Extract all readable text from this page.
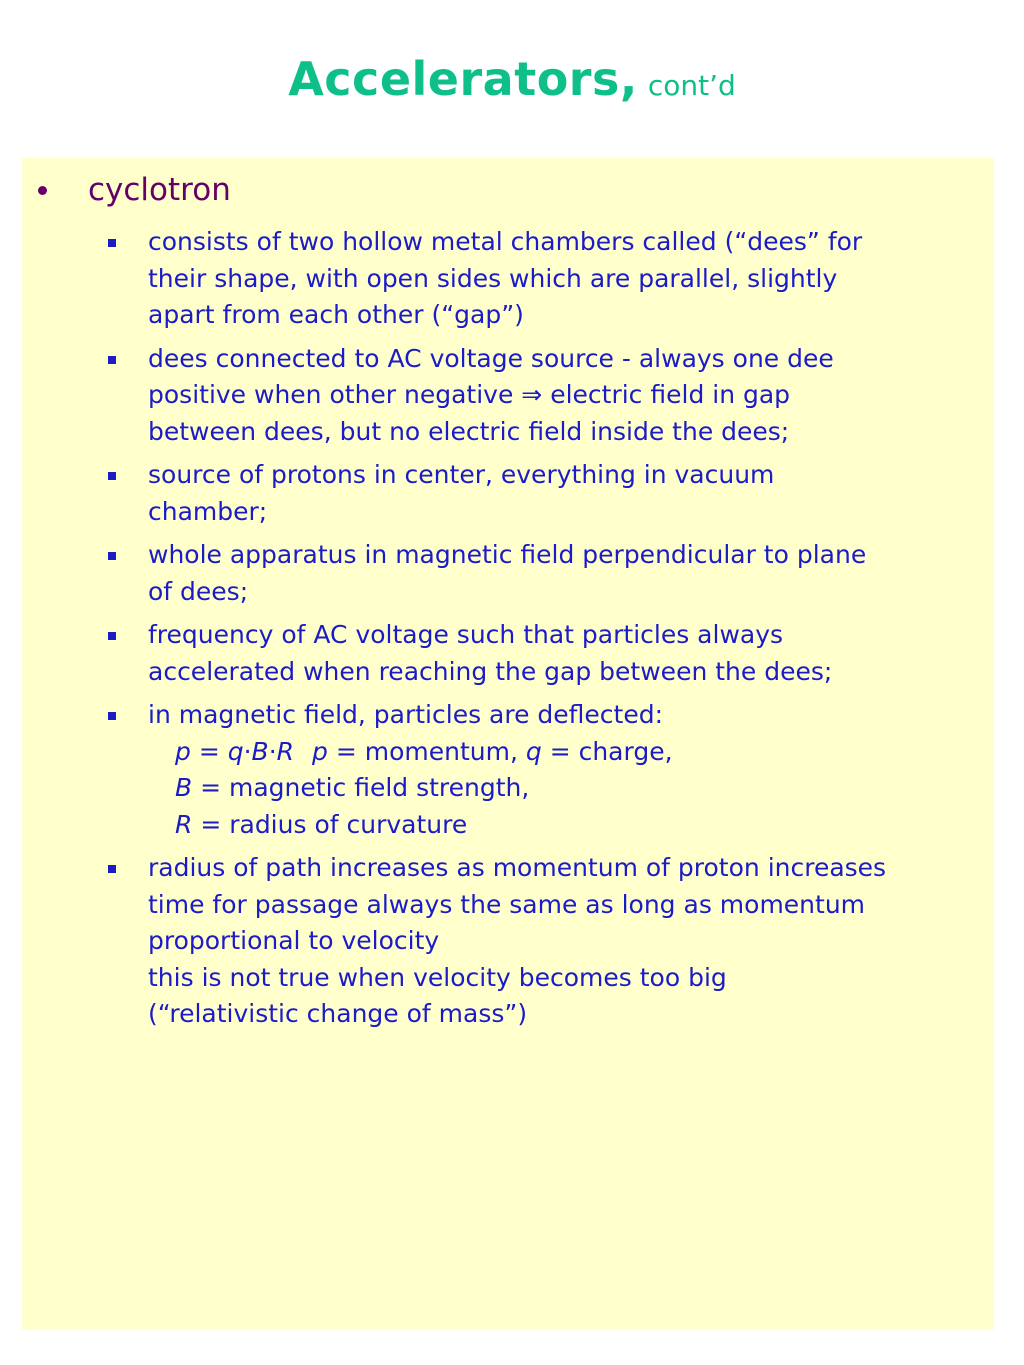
Accelerators, cont’d
cyclotron
consists of two hollow metal chambers called (“dees” for
their shape, with open sides which are parallel, slightly
apart from each other (“gap”)
dees connected to AC voltage source - always one dee
positive when other negative ⇒ electric field in gap
between dees, but no electric field inside the dees;
source of protons in center, everything in vacuum
chamber;
whole apparatus in magnetic field perpendicular to plane
of dees;
frequency of AC voltage such that particles always
accelerated when reaching the gap between the dees;
in magnetic field, particles are deflected:
p = q·B·R p = momentum, q = charge,
B = magnetic field strength,
R = radius of curvature
radius of path increases as momentum of proton increases
time for passage always the same as long as momentum
proportional to velocity
this is not true when velocity becomes too big
(“relativistic change of mass”)
